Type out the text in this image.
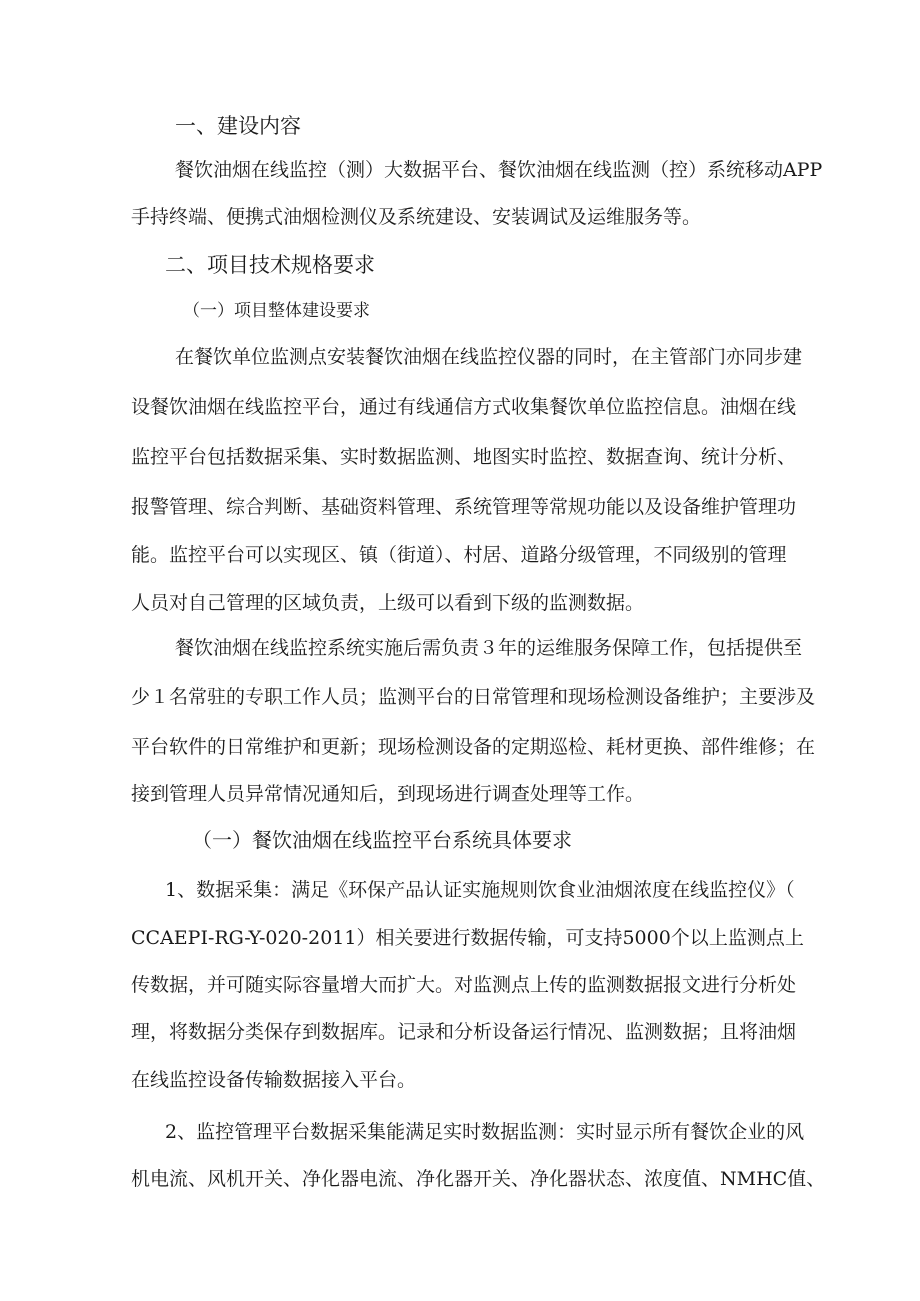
一、建设内容
餐饮油烟在线监控（测）大数据平台、餐饮油烟在线监测（控）系统移动APP
手持终端、便携式油烟检测仪及系统建设、安装调试及运维服务等。
二、项目技术规格要求
（一）项目整体建设要求
在餐饮单位监测点安装餐饮油烟在线监控仪器的同时，在主管部门亦同步建
设餐饮油烟在线监控平台，通过有线通信方式收集餐饮单位监控信息。油烟在线
监控平台包括数据采集、实时数据监测、地图实时监控、数据查询、统计分析、
报警管理、综合判断、基础资料管理、系统管理等常规功能以及设备维护管理功
能。监控平台可以实现区、镇（街道）、村居、道路分级管理，不同级别的管理
人员对自己管理的区域负责，上级可以看到下级的监测数据。
餐饮油烟在线监控系统实施后需负责３年的运维服务保障工作，包括提供至
少１名常驻的专职工作人员；监测平台的日常管理和现场检测设备维护；主要涉及
平台软件的日常维护和更新；现场检测设备的定期巡检、耗材更换、部件维修；在
接到管理人员异常情况通知后，到现场进行调查处理等工作。
（一）餐饮油烟在线监控平台系统具体要求
1、数据采集：满足《环保产品认证实施规则饮食业油烟浓度在线监控仪》（
CCAEPI-RG-Y-020-2011）相关要进行数据传输，可支持5000个以上监测点上
传数据，并可随实际容量增大而扩大。对监测点上传的监测数据报文进行分析处
理，将数据分类保存到数据库。记录和分析设备运行情况、监测数据；且将油烟
在线监控设备传输数据接入平台。
2、监控管理平台数据采集能满足实时数据监测：实时显示所有餐饮企业的风
机电流、风机开关、净化器电流、净化器开关、净化器状态、浓度值、NMHC值、
